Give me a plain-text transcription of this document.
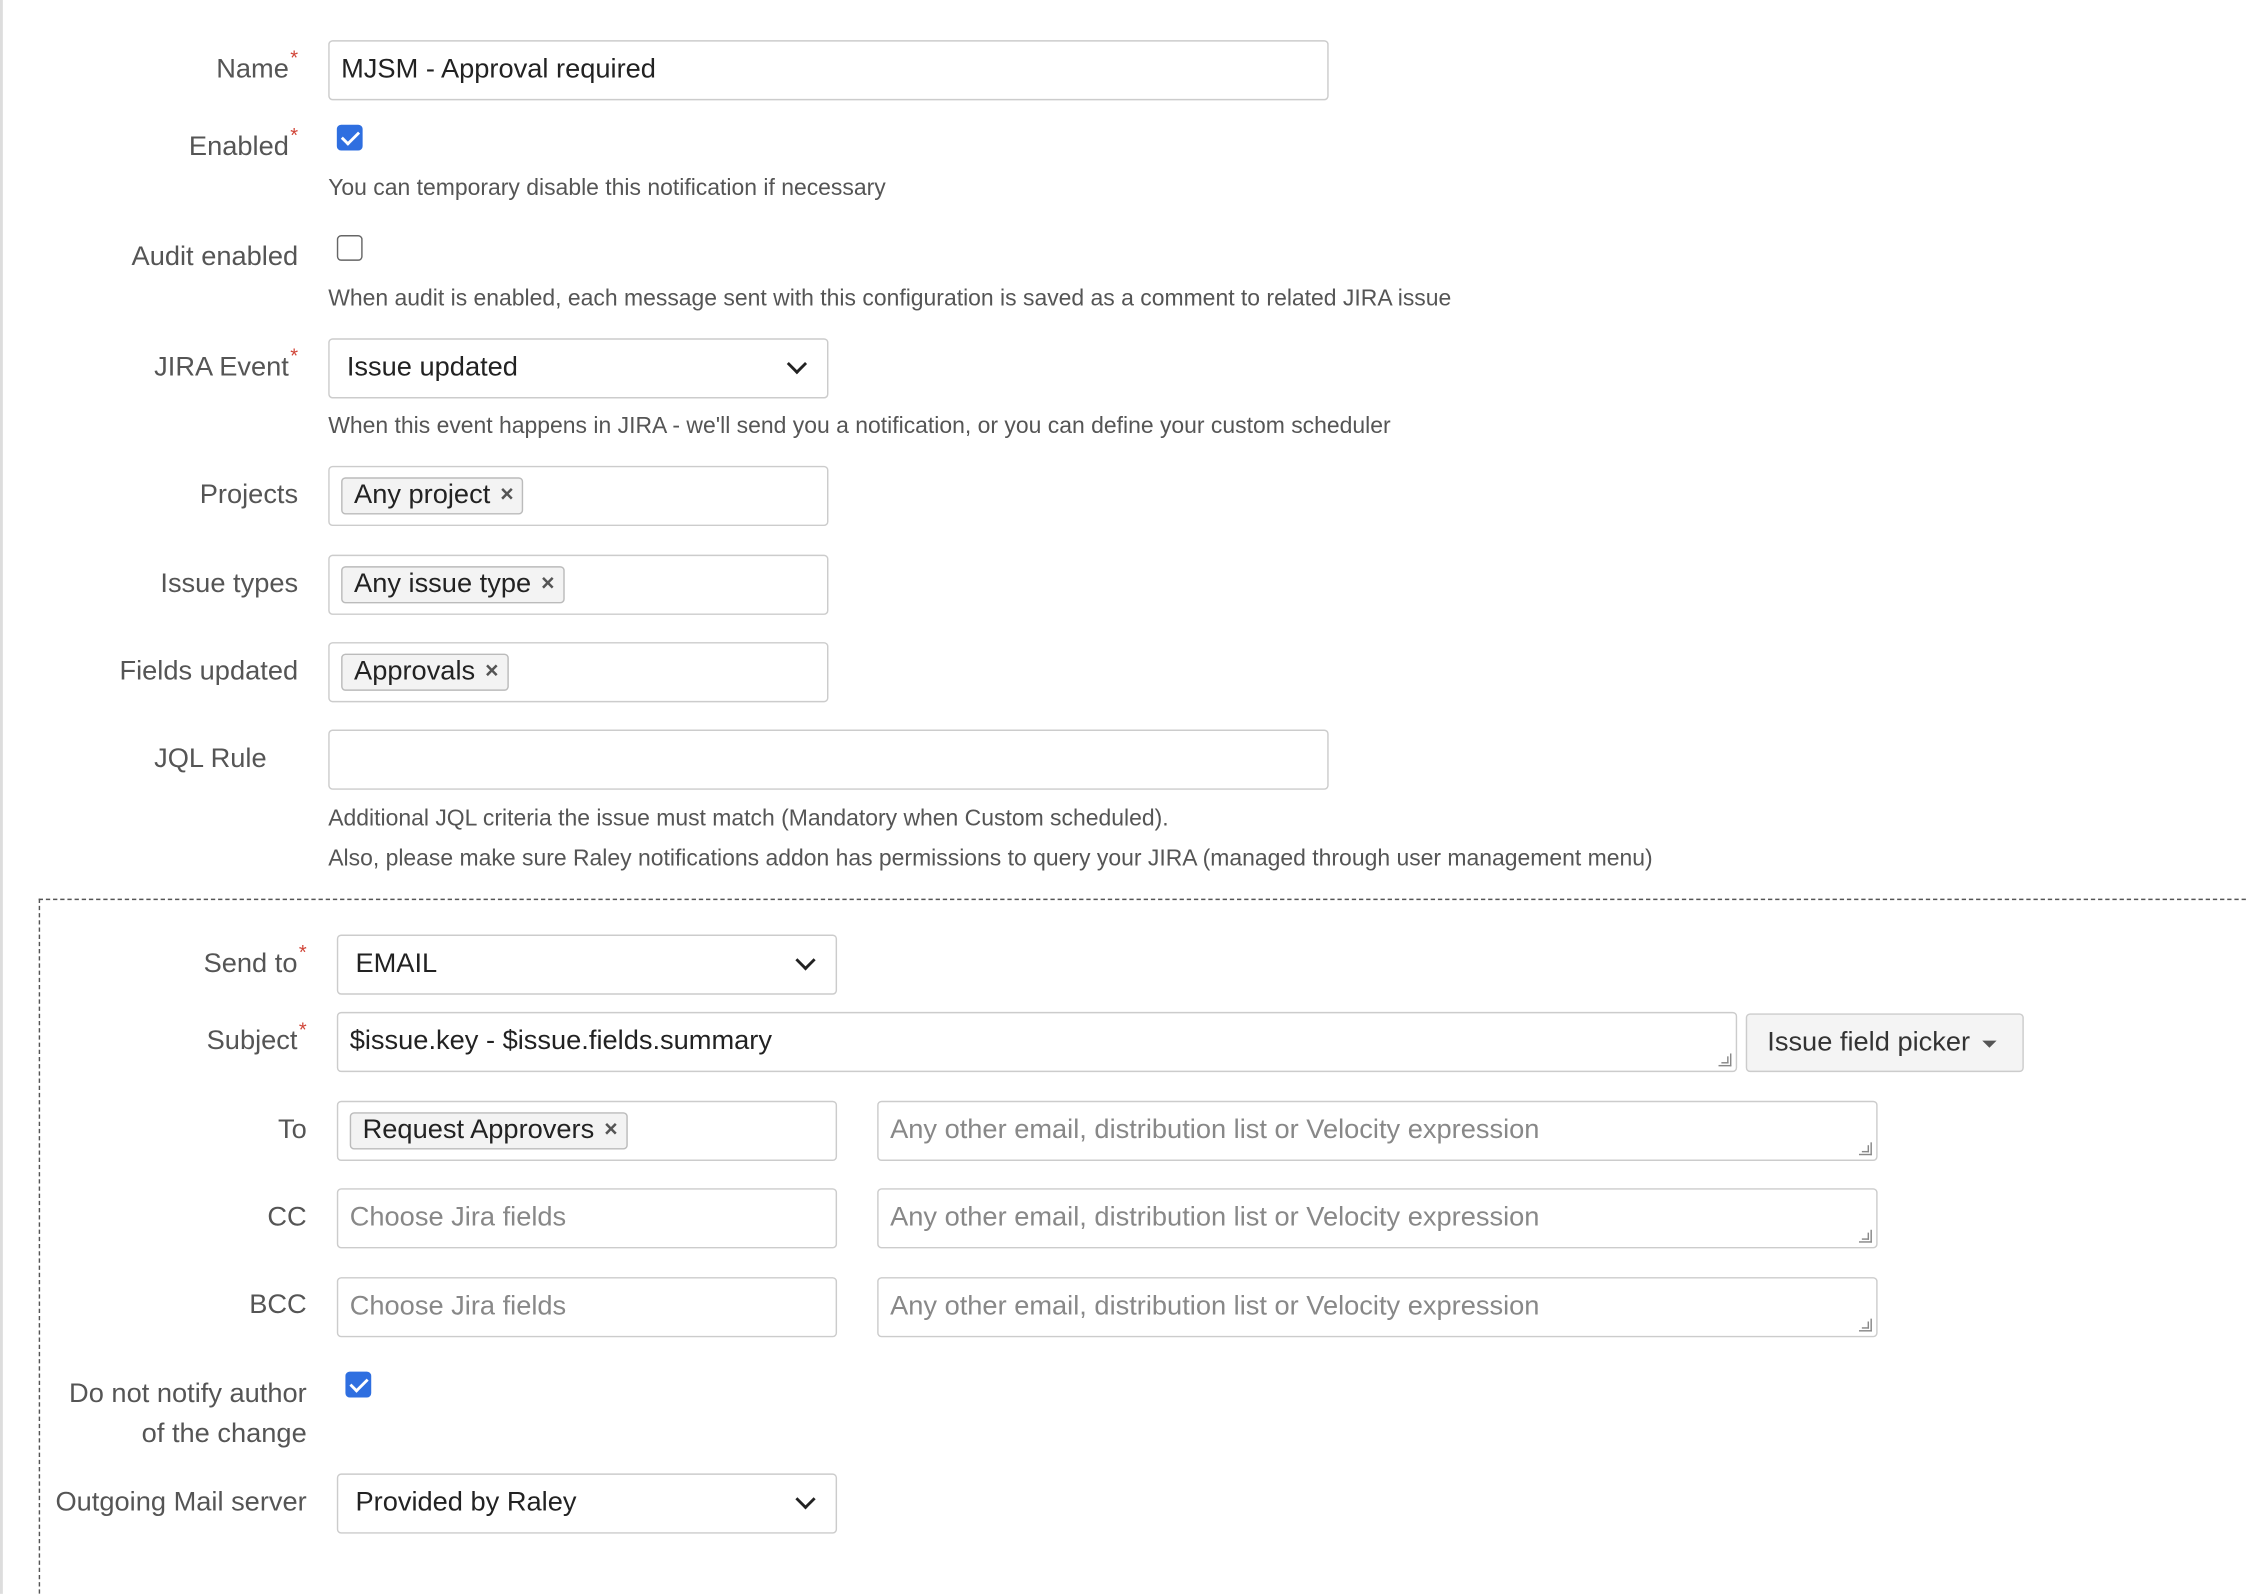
Name* MJSM - Approval required
Enabled*
You can temporary disable this notification if necessary
Audit enabled
When audit is enabled, each message sent with this configuration is saved as a comment to related JIRA issue
JIRA Event*	Issue updated
When this event happens in JIRA - we'll send you a notification, or you can define your custom scheduler
Projects	Any project ×
Issue types	Any issue type ×
Fields updated	Approvals ×
JQL Rule
Additional JQL criteria the issue must match (Mandatory when Custom scheduled).
Also, please make sure Raley notifications addon has permissions to query your JIRA (managed through user management menu)
Send to*	EMAIL
Subject* $issue.key - $issue.fields.summary	Issue field picker
To	Request Approvers ×	Any other email, distribution list or Velocity expression
CC Choose Jira fields	Any other email, distribution list or Velocity expression
BCC Choose Jira fields	Any other email, distribution list or Velocity expression
Do not notify author
of the change
Outgoing Mail server	Provided by Raley
